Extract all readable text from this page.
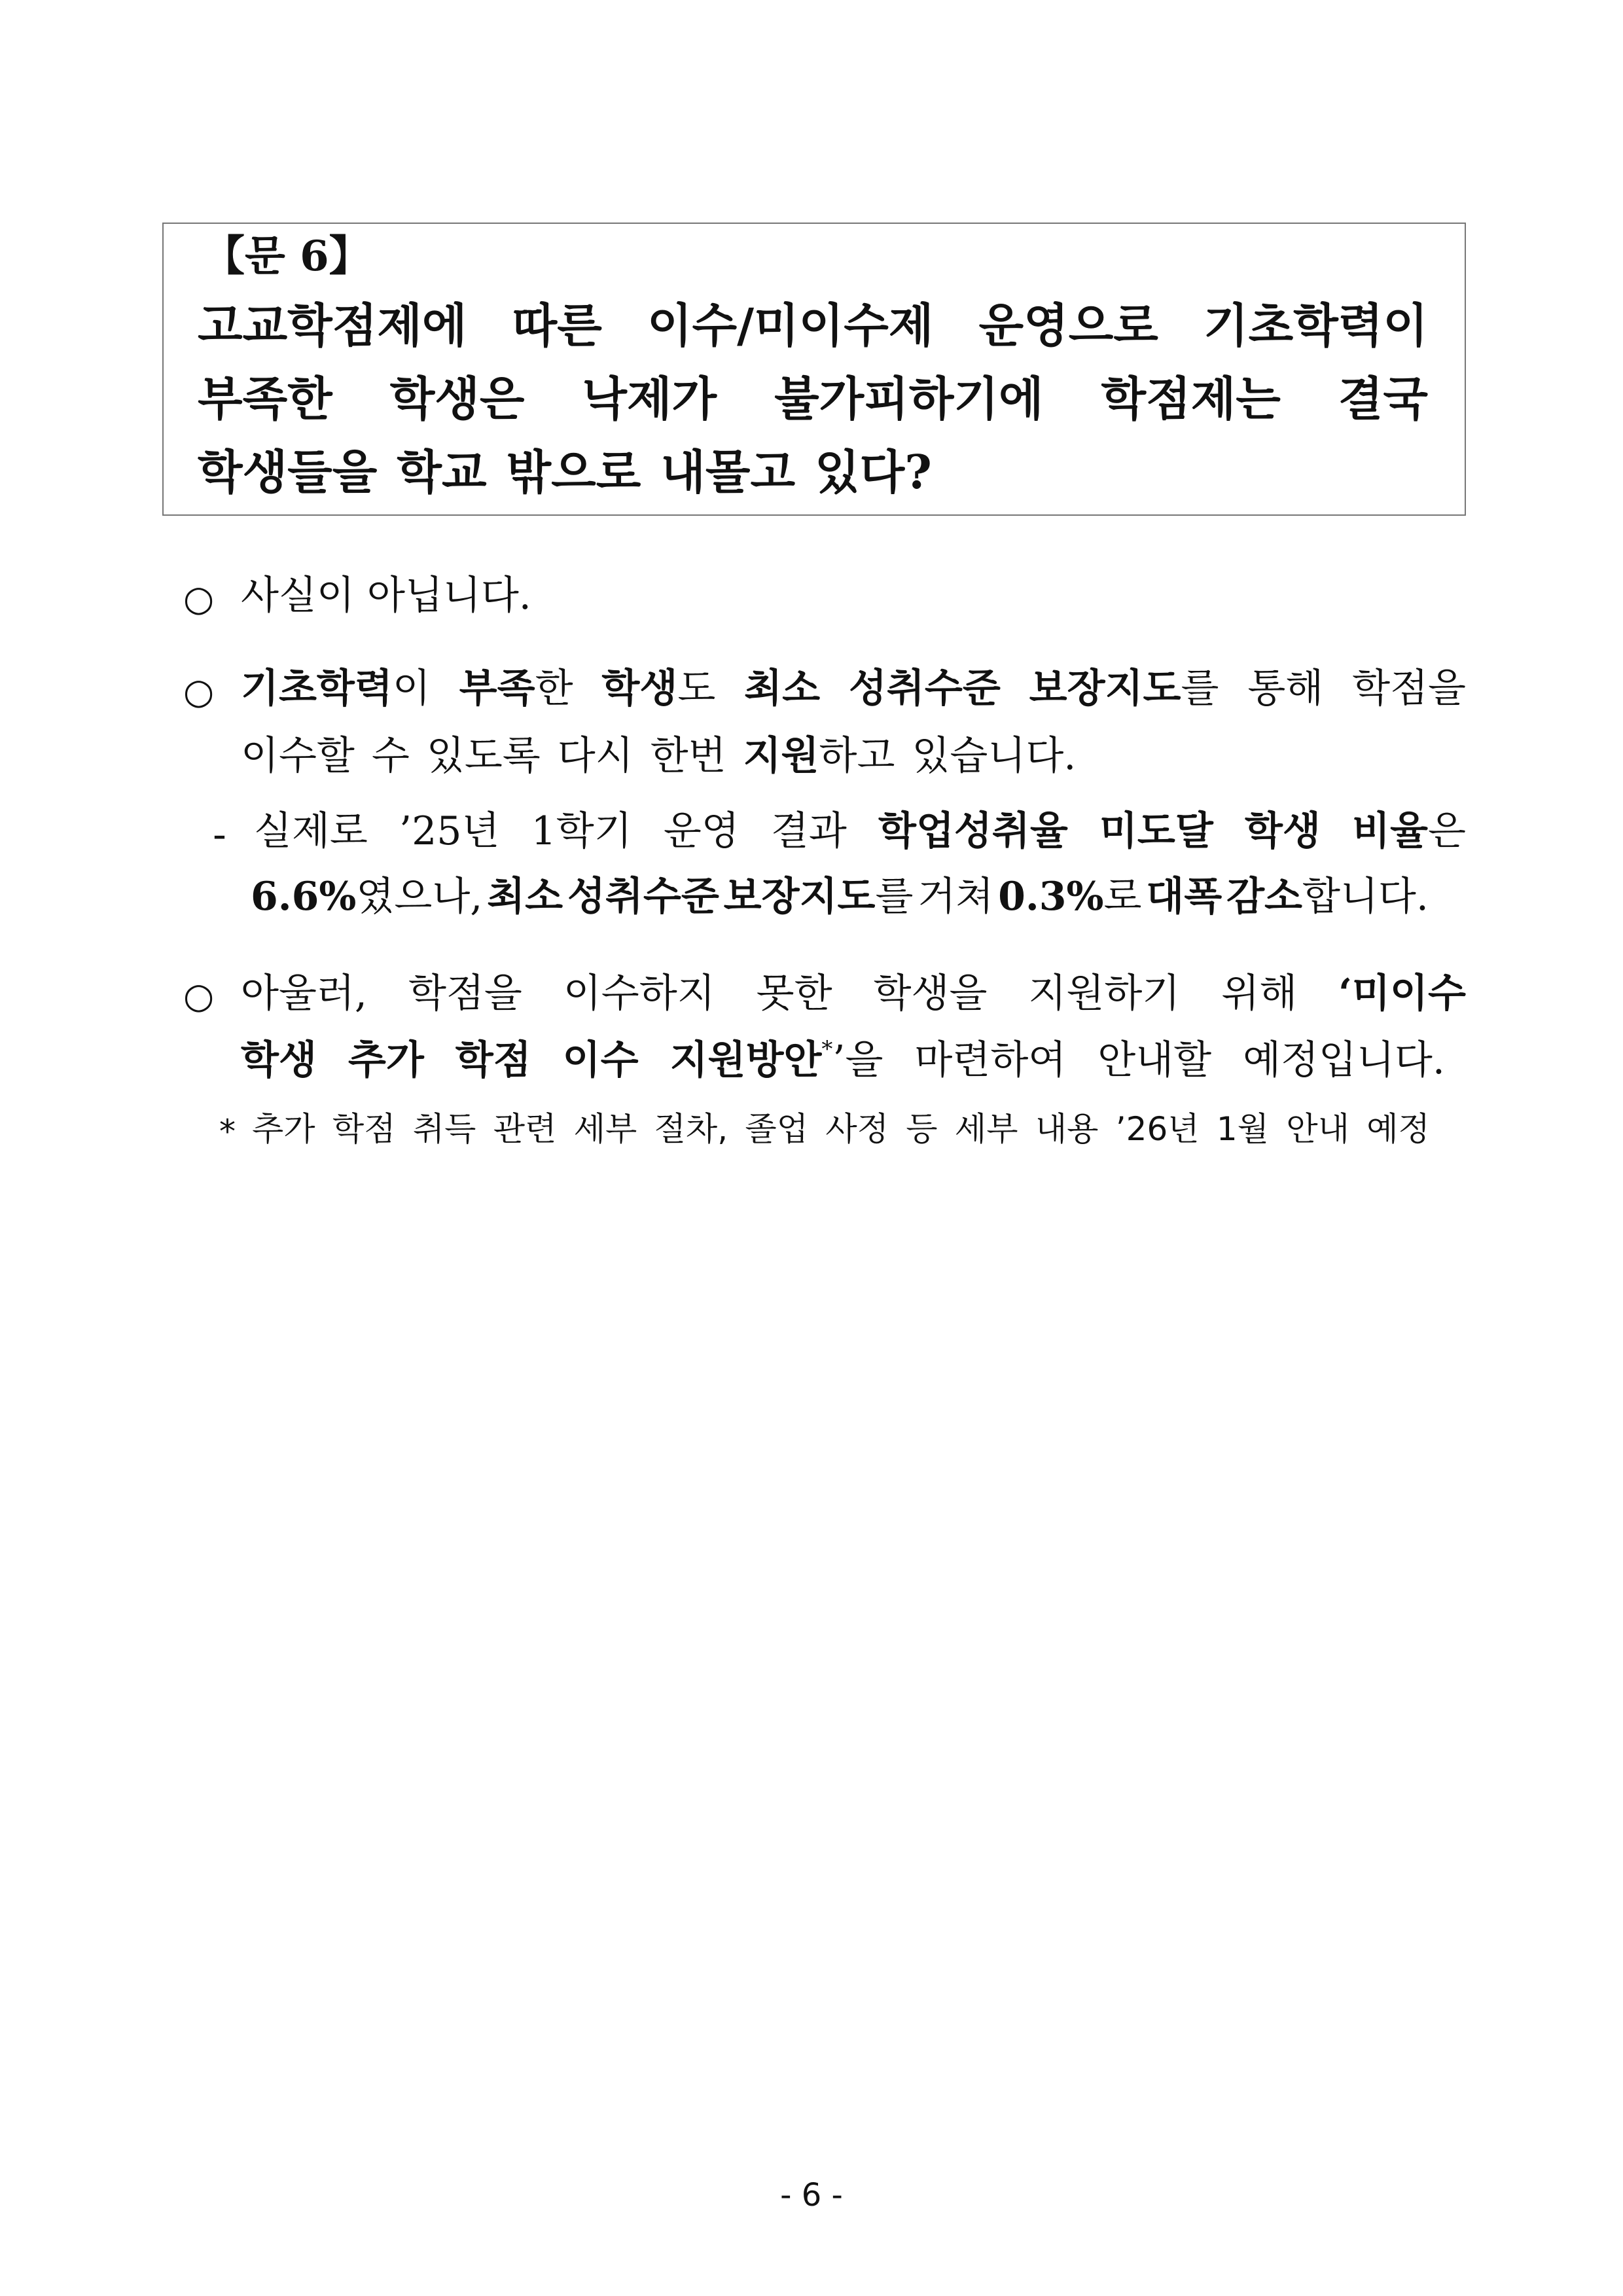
【문 6】
고교학점제에 따른 이수/미이수제 운영으로 기초학력이
부족한 학생은 낙제가 불가피하기에 학점제는 결국
학생들을 학교 밖으로 내몰고 있다?
○ 사실이 아닙니다.
○ 기초학력이 부족한 학생도 최소 성취수준 보장지도를 통해 학점을
이수할 수 있도록 다시 한번 지원하고 있습니다.
- 실제로 ’25년 1학기 운영 결과 학업성취율 미도달 학생 비율은
6.6%였으나, 최소 성취수준 보장지도를 거쳐 0.3%로 대폭 감소합니다.
○ 아울러, 학점을 이수하지 못한 학생을 지원하기 위해 ‘미이수
학생 추가 학점 이수 지원방안*’을 마련하여 안내할 예정입니다.
* 추가 학점 취득 관련 세부 절차, 졸업 사정 등 세부 내용 ’26년 1월 안내 예정
- 6 -
